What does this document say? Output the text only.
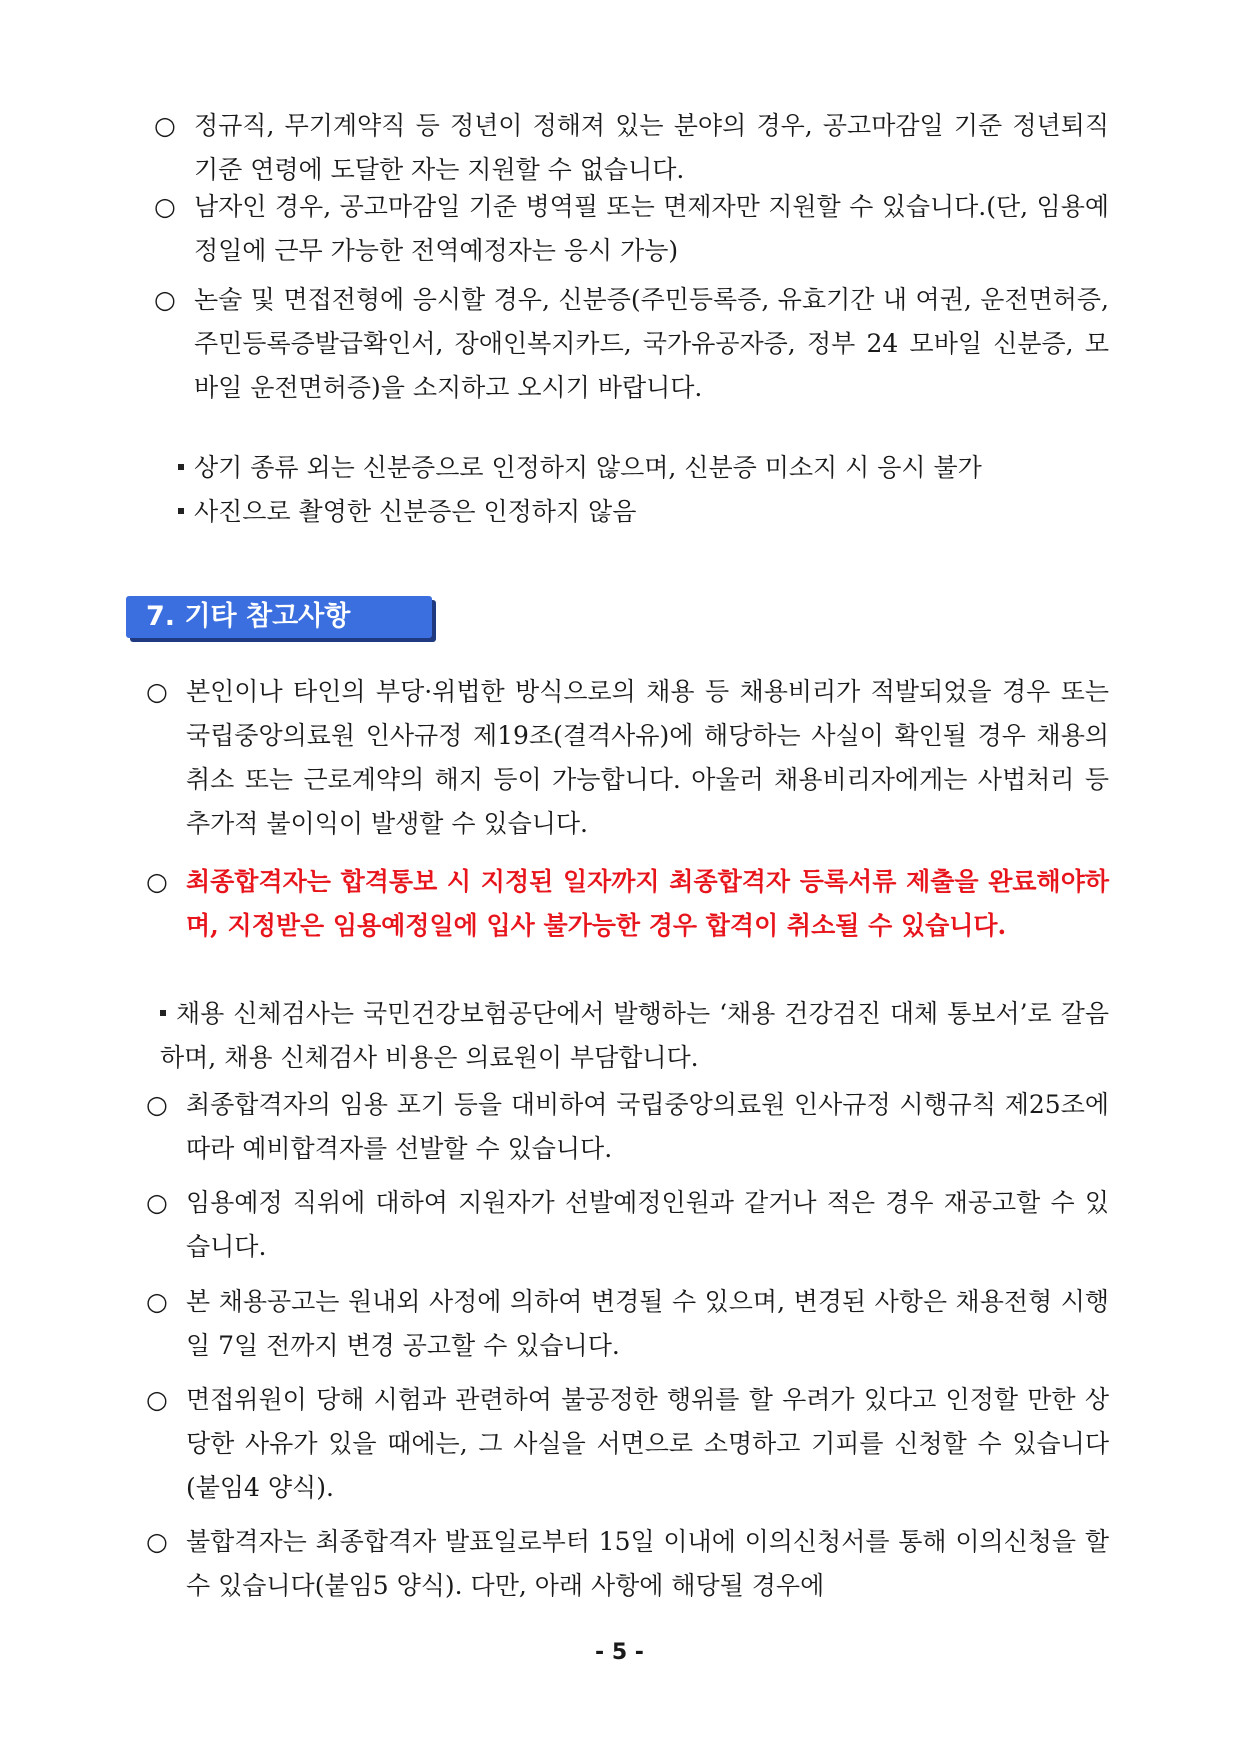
○ 정규직, 무기계약직 등 정년이 정해져 있는 분야의 경우, 공고마감일 기준 정년퇴직 기준 연령에 도달한 자는 지원할 수 없습니다.
○ 남자인 경우, 공고마감일 기준 병역필 또는 면제자만 지원할 수 있습니다.(단, 임용예정일에 근무 가능한 전역예정자는 응시 가능)
○ 논술 및 면접전형에 응시할 경우, 신분증(주민등록증, 유효기간 내 여권, 운전면허증, 주민등록증발급확인서, 장애인복지카드, 국가유공자증, 정부 24 모바일 신분증, 모바일 운전면허증)을 소지하고 오시기 바랍니다.
상기 종류 외는 신분증으로 인정하지 않으며, 신분증 미소지 시 응시 불가
사진으로 촬영한 신분증은 인정하지 않음
7. 기타 참고사항
○ 본인이나 타인의 부당·위법한 방식으로의 채용 등 채용비리가 적발되었을 경우 또는 국립중앙의료원 인사규정 제19조(결격사유)에 해당하는 사실이 확인될 경우 채용의 취소 또는 근로계약의 해지 등이 가능합니다. 아울러 채용비리자에게는 사법처리 등 추가적 불이익이 발생할 수 있습니다.
○ 최종합격자는 합격통보 시 지정된 일자까지 최종합격자 등록서류 제출을 완료해야하며, 지정받은 임용예정일에 입사 불가능한 경우 합격이 취소될 수 있습니다.
채용 신체검사는 국민건강보험공단에서 발행하는 ‘채용 건강검진 대체 통보서’로 갈음하며, 채용 신체검사 비용은 의료원이 부담합니다.
○ 최종합격자의 임용 포기 등을 대비하여 국립중앙의료원 인사규정 시행규칙 제25조에 따라 예비합격자를 선발할 수 있습니다.
○ 임용예정 직위에 대하여 지원자가 선발예정인원과 같거나 적은 경우 재공고할 수 있습니다.
○ 본 채용공고는 원내외 사정에 의하여 변경될 수 있으며, 변경된 사항은 채용전형 시행일 7일 전까지 변경 공고할 수 있습니다.
○ 면접위원이 당해 시험과 관련하여 불공정한 행위를 할 우려가 있다고 인정할 만한 상당한 사유가 있을 때에는, 그 사실을 서면으로 소명하고 기피를 신청할 수 있습니다(붙임4 양식).
○ 불합격자는 최종합격자 발표일로부터 15일 이내에 이의신청서를 통해 이의신청을 할 수 있습니다(붙임5 양식). 다만, 아래 사항에 해당될 경우에
- 5 -
